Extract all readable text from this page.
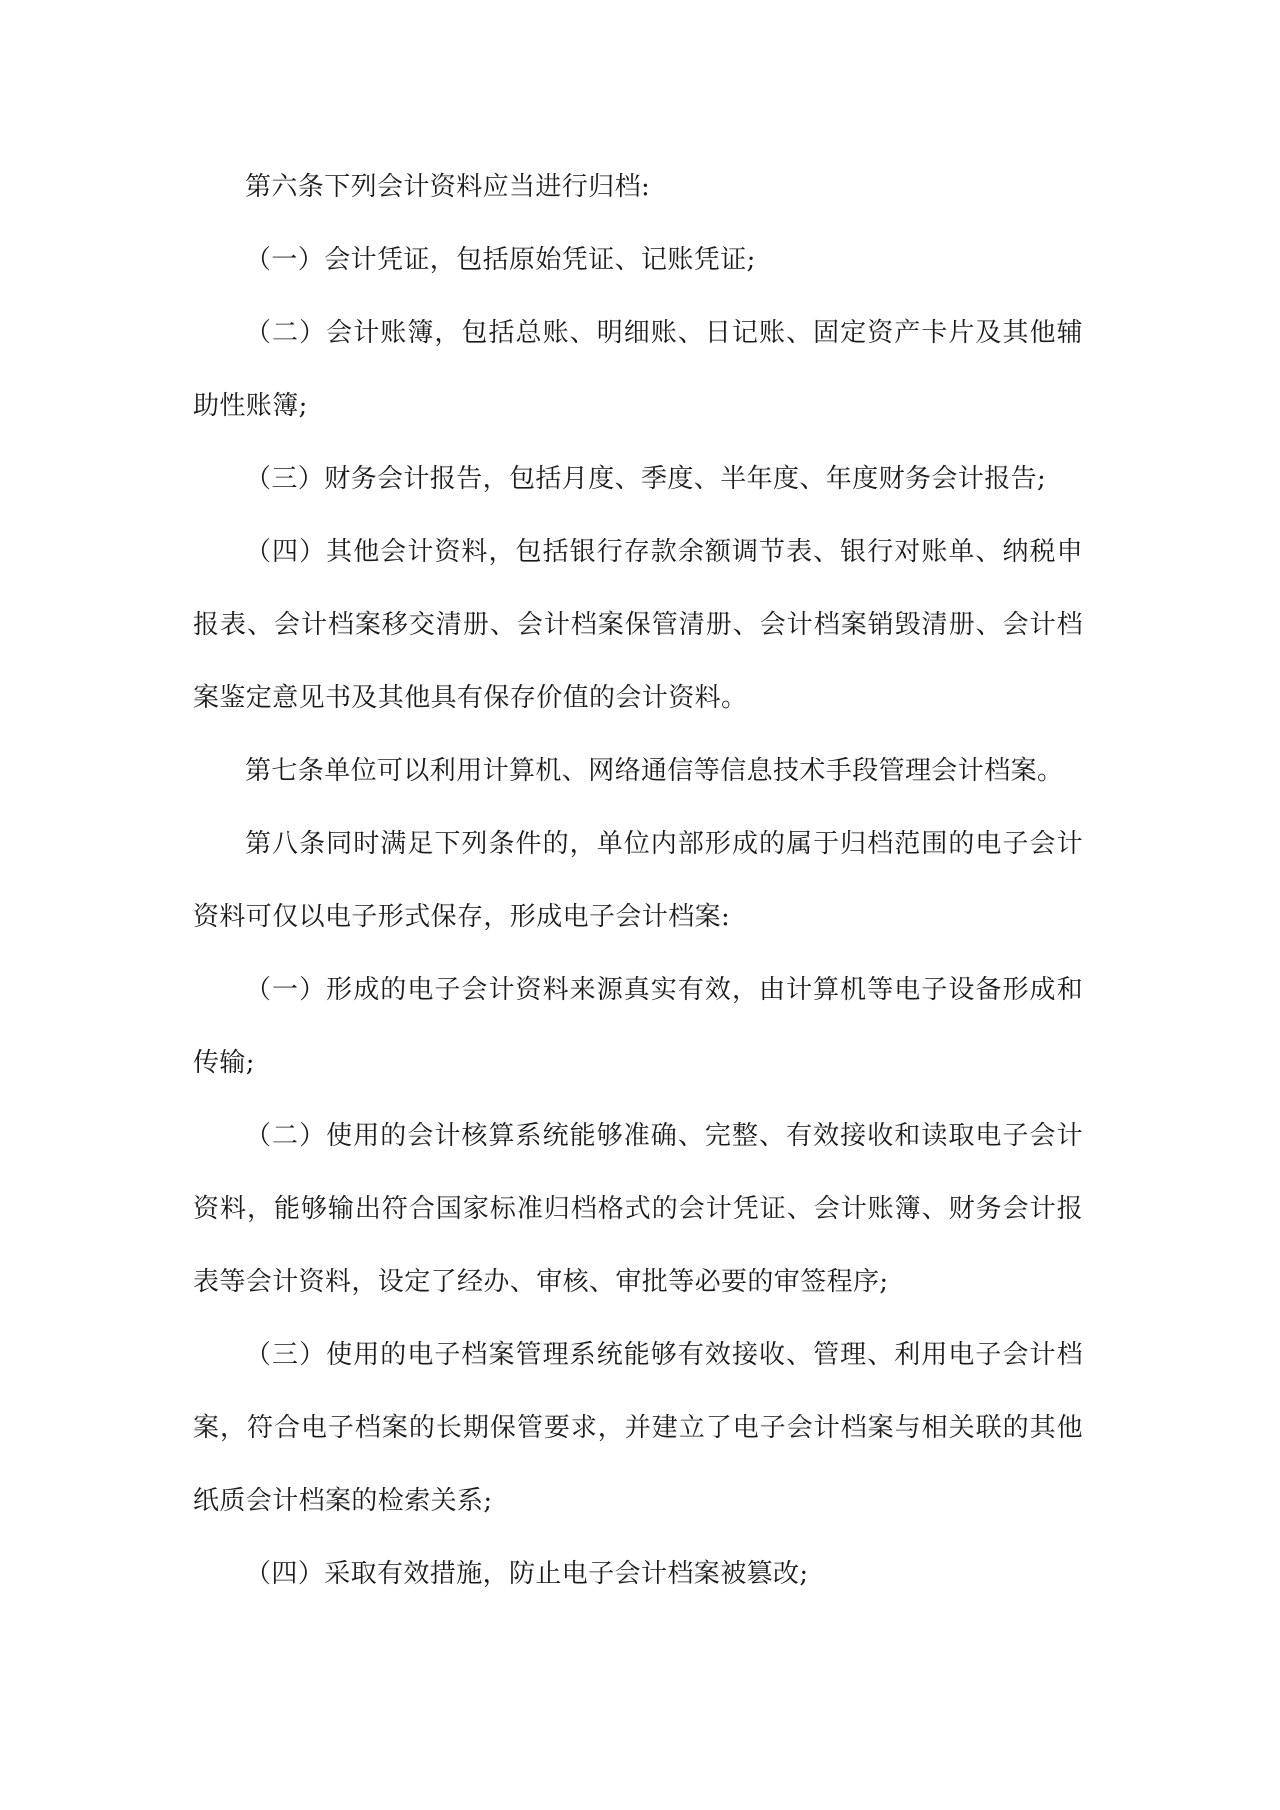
第六条下列会计资料应当进行归档:

（一）会计凭证，包括原始凭证、记账凭证;

（二）会计账簿，包括总账、明细账、日记账、固定资产卡片及其他辅助性账簿;

（三）财务会计报告，包括月度、季度、半年度、年度财务会计报告;

（四）其他会计资料，包括银行存款余额调节表、银行对账单、纳税申报表、会计档案移交清册、会计档案保管清册、会计档案销毁清册、会计档案鉴定意见书及其他具有保存价值的会计资料。

第七条单位可以利用计算机、网络通信等信息技术手段管理会计档案。

第八条同时满足下列条件的，单位内部形成的属于归档范围的电子会计资料可仅以电子形式保存，形成电子会计档案:

（一）形成的电子会计资料来源真实有效，由计算机等电子设备形成和传输;

（二）使用的会计核算系统能够准确、完整、有效接收和读取电子会计资料，能够输出符合国家标准归档格式的会计凭证、会计账簿、财务会计报表等会计资料，设定了经办、审核、审批等必要的审签程序;

（三）使用的电子档案管理系统能够有效接收、管理、利用电子会计档案，符合电子档案的长期保管要求，并建立了电子会计档案与相关联的其他纸质会计档案的检索关系;

（四）采取有效措施，防止电子会计档案被篡改;
